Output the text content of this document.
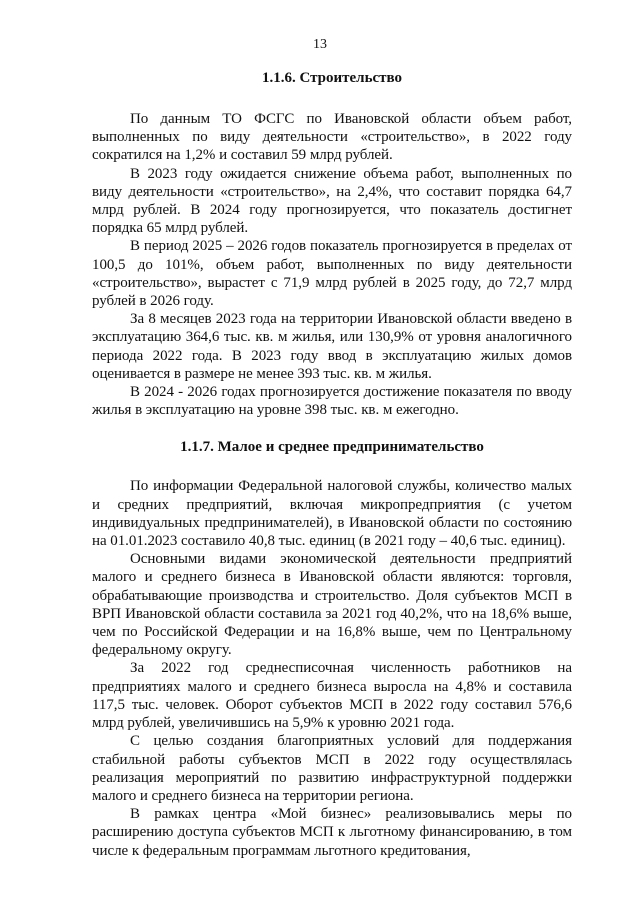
13
1.1.6. Строительство

По данным ТО ФСГС по Ивановской области объем работ, выполненных по виду деятельности «строительство», в 2022 году сократился на 1,2% и составил 59 млрд рублей.

В 2023 году ожидается снижение объема работ, выполненных по виду деятельности «строительство», на 2,4%, что составит порядка 64,7 млрд рублей. В 2024 году прогнозируется, что показатель достигнет порядка 65 млрд рублей.

В период 2025 – 2026 годов показатель прогнозируется в пределах от 100,5 до 101%, объем работ, выполненных по виду деятельности «строительство», вырастет с 71,9 млрд рублей в 2025 году, до 72,7 млрд рублей в 2026 году.

За 8 месяцев 2023 года на территории Ивановской области введено в эксплуатацию 364,6 тыс. кв. м жилья, или 130,9% от уровня аналогичного периода 2022 года. В 2023 году ввод в эксплуатацию жилых домов оценивается в размере не менее 393 тыс. кв. м жилья.

В 2024 - 2026 годах прогнозируется достижение показателя по вводу жилья в эксплуатацию на уровне 398 тыс. кв. м ежегодно.

1.1.7. Малое и среднее предпринимательство

По информации Федеральной налоговой службы, количество малых и средних предприятий, включая микропредприятия (с учетом индивидуальных предпринимателей), в Ивановской области по состоянию на 01.01.2023 составило 40,8 тыс. единиц (в 2021 году – 40,6 тыс. единиц).

Основными видами экономической деятельности предприятий малого и среднего бизнеса в Ивановской области являются: торговля, обрабатывающие производства и строительство. Доля субъектов МСП в ВРП Ивановской области составила за 2021 год 40,2%, что на 18,6% выше, чем по Российской Федерации и на 16,8% выше, чем по Центральному федеральному округу.

За 2022 год среднесписочная численность работников на предприятиях малого и среднего бизнеса выросла на 4,8% и составила 117,5 тыс. человек. Оборот субъектов МСП в 2022 году составил 576,6 млрд рублей, увеличившись на 5,9% к уровню 2021 года.

С целью создания благоприятных условий для поддержания стабильной работы субъектов МСП в 2022 году осуществлялась реализация мероприятий по развитию инфраструктурной поддержки малого и среднего бизнеса на территории региона.

В рамках центра «Мой бизнес» реализовывались меры по расширению доступа субъектов МСП к льготному финансированию, в том числе к федеральным программам льготного кредитования,
